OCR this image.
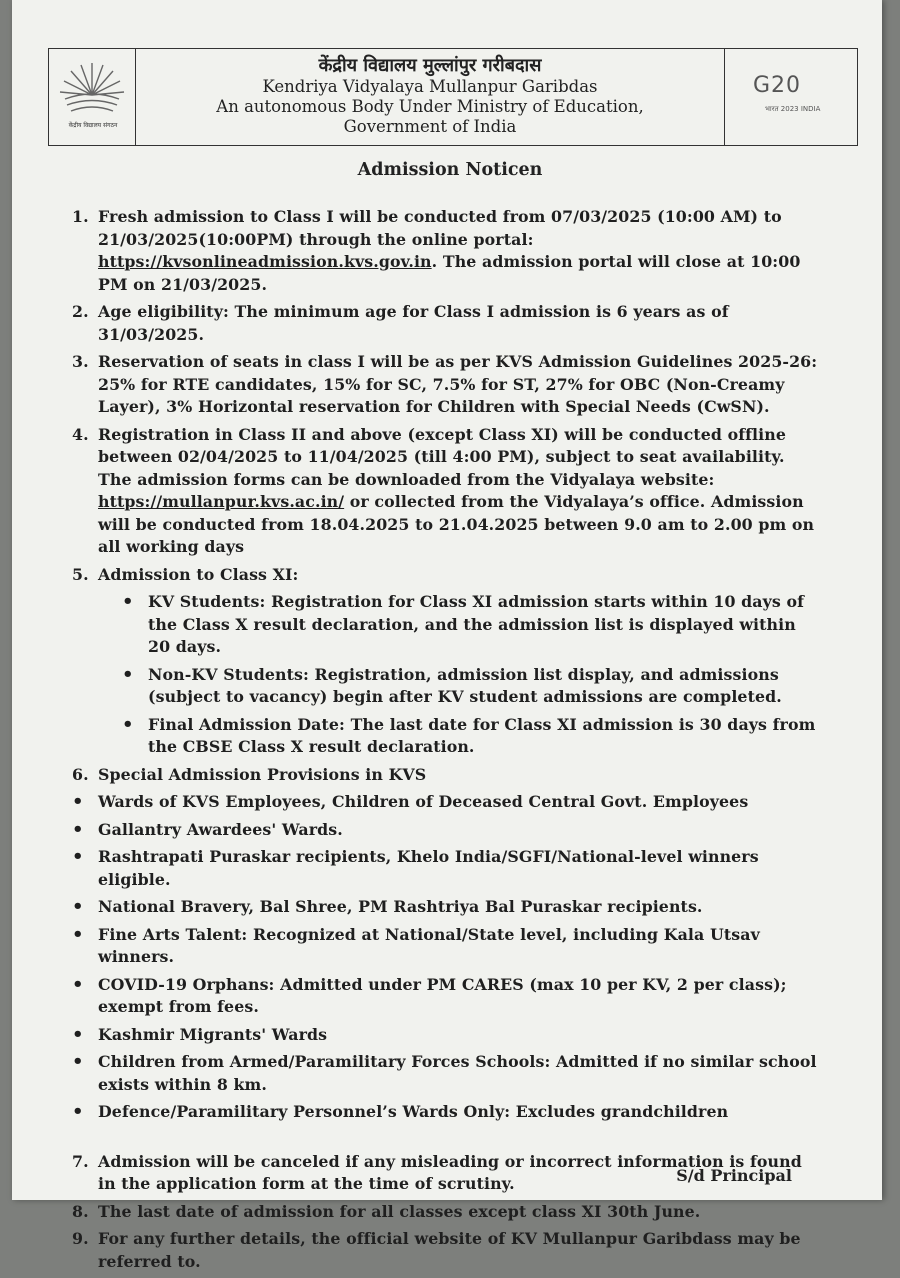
केंद्रीय विद्यालय संगठन
केंद्रीय विद्यालय मुल्लांपुर गरीबदास
Kendriya Vidyalaya Mullanpur Garibdas
An autonomous Body Under Ministry of Education,
Government of India
G20
भारत 2023 INDIA
Admission Noticen
1. Fresh admission to Class I will be conducted from 07/03/2025 (10:00 AM) to 21/03/2025(10:00PM) through the online portal: https://kvsonlineadmission.kvs.gov.in. The admission portal will close at 10:00 PM on 21/03/2025.
2. Age eligibility: The minimum age for Class I admission is 6 years as of 31/03/2025.
3. Reservation of seats in class I will be as per KVS Admission Guidelines 2025-26: 25% for RTE candidates, 15% for SC, 7.5% for ST, 27% for OBC (Non-Creamy Layer), 3% Horizontal reservation for Children with Special Needs (CwSN).
4. Registration in Class II and above (except Class XI) will be conducted offline between 02/04/2025 to 11/04/2025 (till 4:00 PM), subject to seat availability. The admission forms can be downloaded from the Vidyalaya website: https://mullanpur.kvs.ac.in/ or collected from the Vidyalaya’s office. Admission will be conducted from 18.04.2025 to 21.04.2025 between 9.0 am to 2.00 pm on all working days
5. Admission to Class XI:
• KV Students: Registration for Class XI admission starts within 10 days of the Class X result declaration, and the admission list is displayed within 20 days.
• Non-KV Students: Registration, admission list display, and admissions (subject to vacancy) begin after KV student admissions are completed.
• Final Admission Date: The last date for Class XI admission is 30 days from the CBSE Class X result declaration.
6. Special Admission Provisions in KVS
• Wards of KVS Employees, Children of Deceased Central Govt. Employees
• Gallantry Awardees' Wards.
• Rashtrapati Puraskar recipients, Khelo India/SGFI/National-level winners eligible.
• National Bravery, Bal Shree, PM Rashtriya Bal Puraskar recipients.
• Fine Arts Talent: Recognized at National/State level, including Kala Utsav winners.
• COVID-19 Orphans: Admitted under PM CARES (max 10 per KV, 2 per class); exempt from fees.
• Kashmir Migrants' Wards
• Children from Armed/Paramilitary Forces Schools: Admitted if no similar school exists within 8 km.
• Defence/Paramilitary Personnel’s Wards Only: Excludes grandchildren
7. Admission will be canceled if any misleading or incorrect information is found in the application form at the time of scrutiny.
8. The last date of admission for all classes except class XI 30th June.
9. For any further details, the official website of KV Mullanpur Garibdass may be referred to.
S/d Principal
